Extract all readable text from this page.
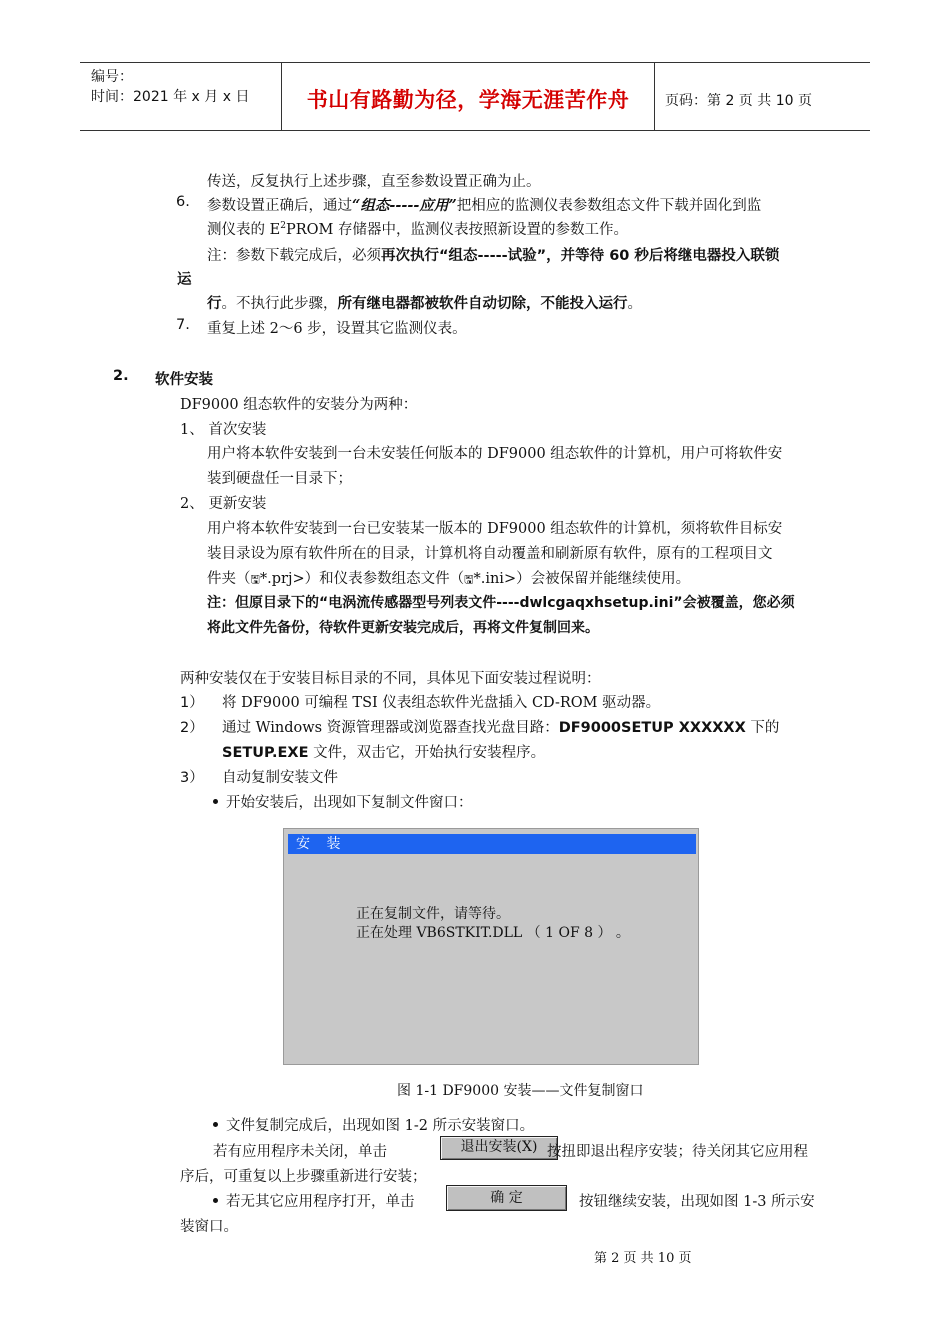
编号：
时间：2021 年 x 月 x 日	书山有路勤为径，学海无涯苦作舟	页码：第 2 页 共 10 页
传送，反复执行上述步骤，直至参数设置正确为止。
6. 参数设置正确后，通过“组态-----应用”把相应的监测仪表参数组态文件下载并固化到监
测仪表的 $E^2PROM$ 存储器中，监测仪表按照新设置的参数工作。
注：参数下载完成后，必须再次执行“组态-----试验”，并等待 60 秒后将继电器投入联锁
运
行。不执行此步骤，所有继电器都被软件自动切除，不能投入运行。
7. 重复上述 2～6 步，设置其它监测仪表。
2. 软件安装
DF9000 组态软件的安装分为两种：
1、 首次安装
用户将本软件安装到一台未安装任何版本的 DF9000 组态软件的计算机，用户可将软件安
装到硬盘任一目录下；
2、 更新安装
用户将本软件安装到一台已安装某一版本的 DF9000 组态软件的计算机，须将软件目标安
装目录设为原有软件所在的目录，计算机将自动覆盖和刷新原有软件，原有的工程项目文
件夹（🖫*.prj>）和仪表参数组态文件（🖫*.ini>）会被保留并能继续使用。
注：但原目录下的“电涡流传感器型号列表文件----dwlcgaqxhsetup.ini”会被覆盖，您必须
将此文件先备份，待软件更新安装完成后，再将文件复制回来。
两种安装仅在于安装目标目录的不同，具体见下面安装过程说明：
1） 将 DF9000 可编程 TSI 仪表组态软件光盘插入 CD-ROM 驱动器。
2） 通过 Windows 资源管理器或浏览器查找光盘目路：DF9000SETUP XXXXXX 下的
SETUP.EXE 文件，双击它，开始执行安装程序。
3） 自动复制安装文件
开始安装后，出现如下复制文件窗口：
安 装
正在复制文件，请等待。
正在处理 VB6STKIT.DLL （ 1 OF 8 ） 。
图 1-1 DF9000 安装——文件复制窗口
文件复制完成后，出现如图 1-2 所示安装窗口。
若有应用程序未关闭，单击	退出安装(X) 按扭即退出程序安装；待关闭其它应用程
序后，可重复以上步骤重新进行安装；
若无其它应用程序打开，单击	确 定	按钮继续安装，出现如图 1-3 所示安
装窗口。
第 2 页 共 10 页
